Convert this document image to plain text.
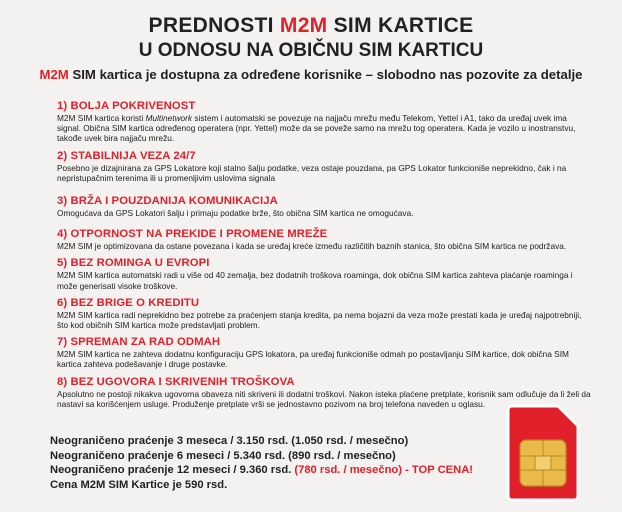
PREDNOSTI M2M SIM KARTICE
U ODNOSU NA OBIČNU SIM KARTICU
M2M SIM kartica je dostupna za određene korisnike – slobodno nas pozovite za detalje
1) BOLJA POKRIVENOST

M2M SIM kartica koristi Multinetwork sistem i automatski se povezuje na najjaču mrežu među Telekom, Yettel i A1, tako da uređaj uvek ima signal. Obična SIM kartica određenog operatera (npr. Yettel) može da se poveže samo na mrežu tog operatera. Kada je vozilo u inostranstvu, takođe uvek bira najjaču mrežu.

2) STABILNIJA VEZA 24/7

Posebno je dizajnirana za GPS Lokatore koji stalno šalju podatke, veza ostaje pouzdana, pa GPS Lokator funkcioniše neprekidno, čak i na nepristupačnim terenima ili u promenljivim uslovima signala

3) BRŽA I POUZDANIJA KOMUNIKACIJA

Omogućava da GPS Lokatori šalju i primaju podatke brže, što obična SIM kartica ne omogućava.

4) OTPORNOST NA PREKIDE I PROMENE MREŽE

M2M SIM je optimizovana da ostane povezana i kada se uređaj kreće između različitih baznih stanica, što obična SIM kartica ne podržava.

5) BEZ ROMINGA U EVROPI

M2M SIM kartica automatski radi u više od 40 zemalja, bez dodatnih troškova roaminga, dok obična SIM kartica zahteva plaćanje roaminga i može generisati visoke troškove.

6) BEZ BRIGE O KREDITU

M2M SIM kartica radi neprekidno bez potrebe za praćenjem stanja kredita, pa nema bojazni da veza može prestati kada je uređaj najpotrebniji, što kod običnih SIM kartica može predstavljati problem.

7) SPREMAN ZA RAD ODMAH

M2M SIM kartica ne zahteva dodatnu konfiguraciju GPS lokatora, pa uređaj funkcioniše odmah po postavljanju SIM kartice, dok obična SIM kartica zahteva podešavanje i druge postavke.

8) BEZ UGOVORA I SKRIVENIH TROŠKOVA

Apsolutno ne postoji nikakva ugovorna obaveza niti skriveni ili dodatni troškovi. Nakon isteka plaćene pretplate, korisnik sam odlučuje da li želi da nastavi sa korišćenjem usluge. Produženje pretplate vrši se jednostavno pozivom na broj telefona naveden u oglasu.

Neograničeno praćenje 3 meseca / 3.150 rsd. (1.050 rsd. / mesečno)
Neograničeno praćenje 6 meseci / 5.340 rsd. (890 rsd. / mesečno)
Neograničeno praćenje 12 meseci / 9.360 rsd. (780 rsd. / mesečno) - TOP CENA!
Cena M2M SIM Kartice je 590 rsd.
